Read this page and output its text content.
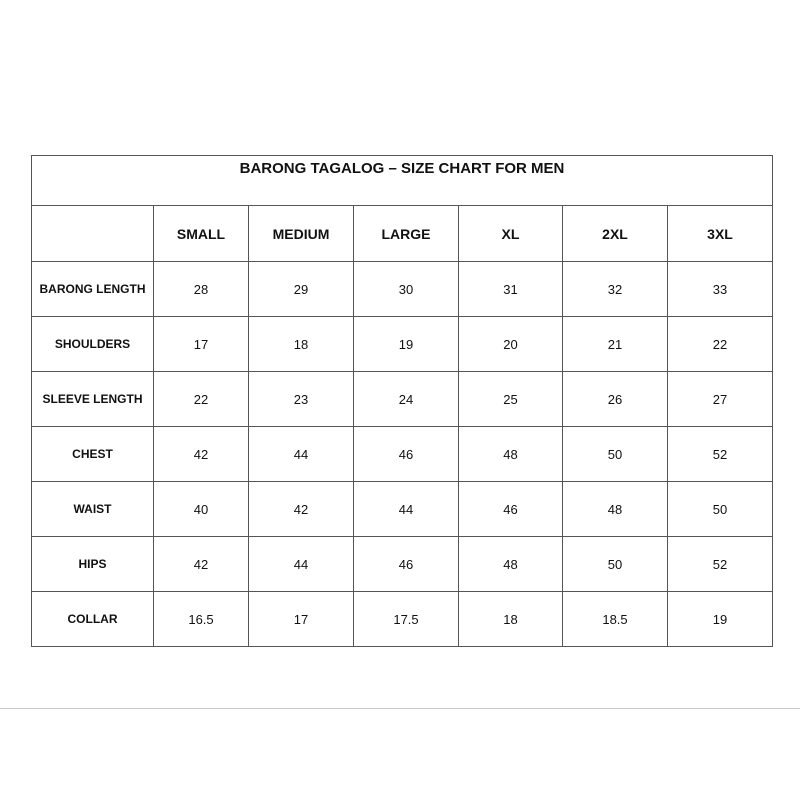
BARONG TAGALOG – SIZE CHART FOR MEN						
	SMALL	MEDIUM	LARGE	XL	2XL	3XL
BARONG LENGTH	28	29	30	31	32	33
SHOULDERS	17	18	19	20	21	22
SLEEVE LENGTH	22	23	24	25	26	27
CHEST	42	44	46	48	50	52
WAIST	40	42	44	46	48	50
HIPS	42	44	46	48	50	52
COLLAR	16.5	17	17.5	18	18.5	19
